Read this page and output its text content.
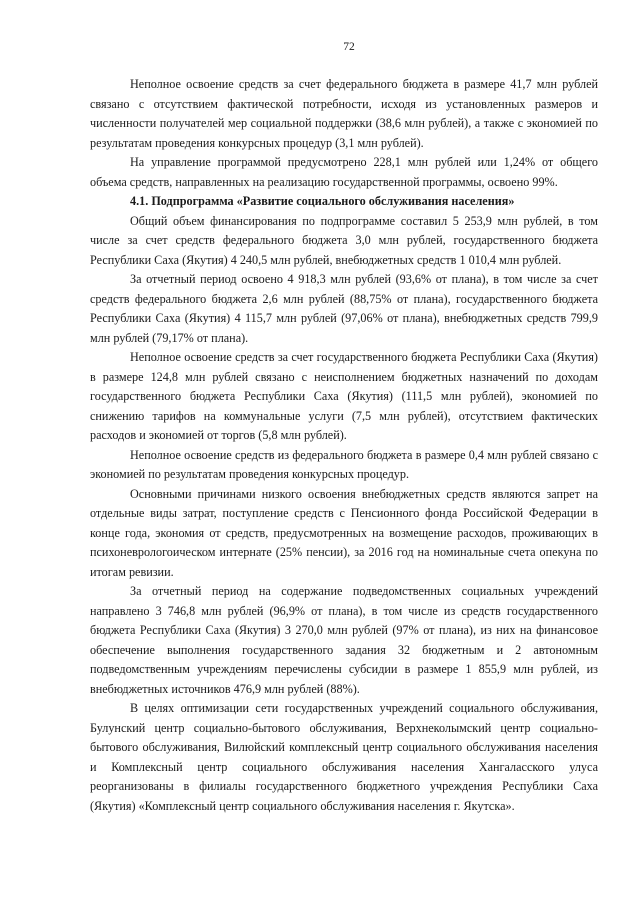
72

Неполное освоение средств за счет федерального бюджета в размере 41,7 млн рублей связано с отсутствием фактической потребности, исходя из установленных размеров и численности получателей мер социальной поддержки (38,6 млн рублей), а также с экономией по результатам проведения конкурсных процедур (3,1 млн рублей).

На управление программой предусмотрено 228,1 млн рублей или 1,24% от общего объема средств, направленных на реализацию государственной программы, освоено 99%.

4.1. Подпрограмма «Развитие социального обслуживания населения»

Общий объем финансирования по подпрограмме составил 5 253,9 млн рублей, в том числе за счет средств федерального бюджета 3,0 млн рублей, государственного бюджета Республики Саха (Якутия) 4 240,5 млн рублей, внебюджетных средств 1 010,4 млн рублей.

За отчетный период освоено 4 918,3 млн рублей (93,6% от плана), в том числе за счет средств федерального бюджета 2,6 млн рублей (88,75% от плана), государственного бюджета Республики Саха (Якутия) 4 115,7 млн рублей (97,06% от плана), внебюджетных средств 799,9 млн рублей (79,17% от плана).

Неполное освоение средств за счет государственного бюджета Республики Саха (Якутия) в размере 124,8 млн рублей связано с неисполнением бюджетных назначений по доходам государственного бюджета Республики Саха (Якутия) (111,5 млн рублей), экономией по снижению тарифов на коммунальные услуги (7,5 млн рублей), отсутствием фактических расходов и экономией от торгов (5,8 млн рублей).

Неполное освоение средств из федерального бюджета в размере 0,4 млн рублей связано с экономией по результатам проведения конкурсных процедур.

Основными причинами низкого освоения внебюджетных средств являются запрет на отдельные виды затрат, поступление средств с Пенсионного фонда Российской Федерации в конце года, экономия от средств, предусмотренных на возмещение расходов, проживающих в психоневрологоическом интернате (25% пенсии), за 2016 год на номинальные счета опекуна по итогам ревизии.

За отчетный период на содержание подведомственных социальных учреждений направлено 3 746,8 млн рублей (96,9% от плана), в том числе из средств государственного бюджета Республики Саха (Якутия) 3 270,0 млн рублей (97% от плана), из них на финансовое обеспечение выполнения государственного задания 32 бюджетным и 2 автономным подведомственным учреждениям перечислены субсидии в размере 1 855,9 млн рублей, из внебюджетных источников 476,9 млн рублей (88%).

В целях оптимизации сети государственных учреждений социального обслуживания, Булунский центр социально-бытового обслуживания, Верхнеколымский центр социально-бытового обслуживания, Вилюйский комплексный центр социального обслуживания населения и Комплексный центр социального обслуживания населения Хангаласского улуса реорганизованы в филиалы государственного бюджетного учреждения Республики Саха (Якутия) «Комплексный центр социального обслуживания населения г. Якутска».
